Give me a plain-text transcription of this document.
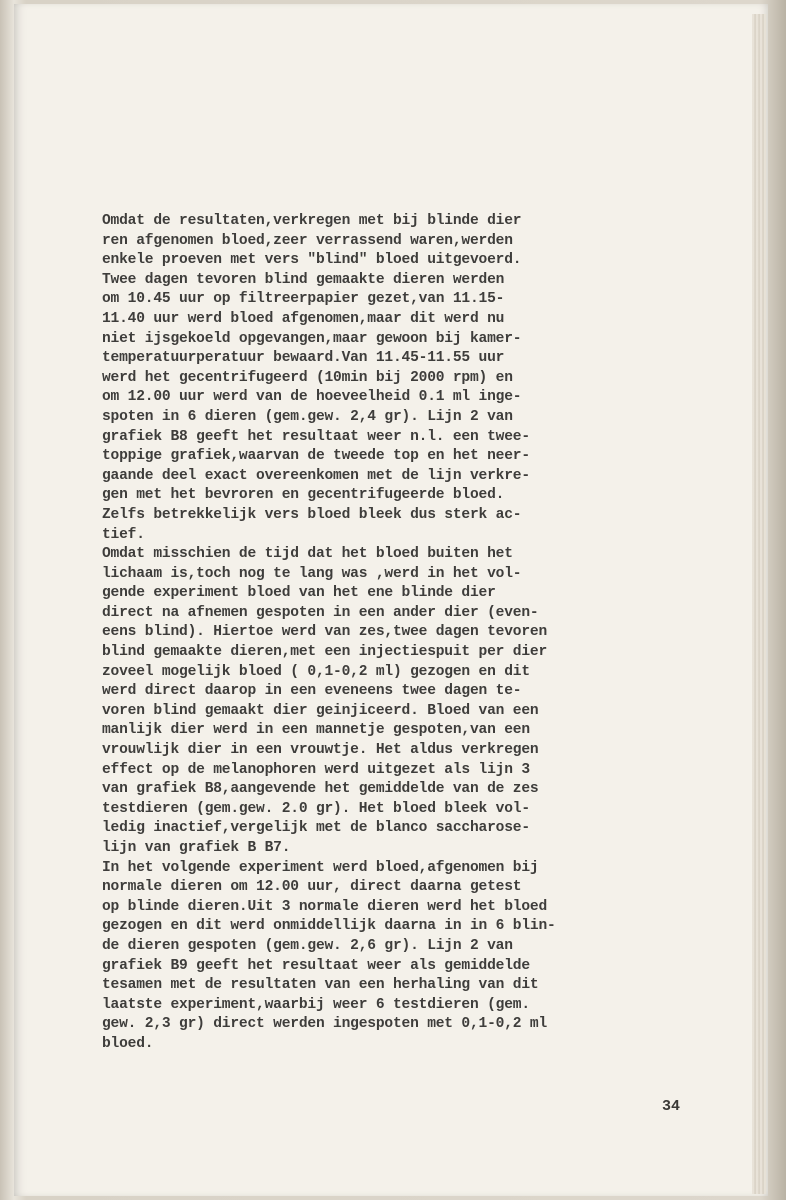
Omdat de resultaten,verkregen met bij blinde dier
ren afgenomen bloed,zeer verrassend waren,werden
enkele proeven met vers "blind" bloed uitgevoerd.
Twee dagen tevoren blind gemaakte dieren werden
om 10.45 uur op filtreerpapier gezet,van 11.15-
11.40 uur werd bloed afgenomen,maar dit werd nu
niet ijsgekoeld opgevangen,maar gewoon bij kamer-
temperatuurperatuur bewaard.Van 11.45-11.55 uur
werd het gecentrifugeerd (10min bij 2000 rpm) en
om 12.00 uur werd van de hoeveelheid 0.1 ml inge-
spoten in 6 dieren (gem.gew. 2,4 gr). Lijn 2 van
grafiek B8 geeft het resultaat weer n.l. een twee-
toppige grafiek,waarvan de tweede top en het neer-
gaande deel exact overeenkomen met de lijn verkre-
gen met het bevroren en gecentrifugeerde bloed.
Zelfs betrekkelijk vers bloed bleek dus sterk ac-
tief.
Omdat misschien de tijd dat het bloed buiten het
lichaam is,toch nog te lang was ,werd in het vol-
gende experiment bloed van het ene blinde dier
direct na afnemen gespoten in een ander dier (even-
eens blind). Hiertoe werd van zes,twee dagen tevoren
blind gemaakte dieren,met een injectiespuit per dier
zoveel mogelijk bloed ( 0,1-0,2 ml) gezogen en dit
werd direct daarop in een eveneens twee dagen te-
voren blind gemaakt dier geinjiceerd. Bloed van een
manlijk dier werd in een mannetje gespoten,van een
vrouwlijk dier in een vrouwtje. Het aldus verkregen
effect op de melanophoren werd uitgezet als lijn 3
van grafiek B8,aangevende het gemiddelde van de zes
testdieren (gem.gew. 2.0 gr). Het bloed bleek vol-
ledig inactief,vergelijk met de blanco saccharose-
lijn van grafiek B B7.
In het volgende experiment werd bloed,afgenomen bij
normale dieren om 12.00 uur, direct daarna getest
op blinde dieren.Uit 3 normale dieren werd het bloed
gezogen en dit werd onmiddellijk daarna in in 6 blin-
de dieren gespoten (gem.gew. 2,6 gr). Lijn 2 van
grafiek B9 geeft het resultaat weer als gemiddelde
tesamen met de resultaten van een herhaling van dit
laatste experiment,waarbij weer 6 testdieren (gem.
gew. 2,3 gr) direct werden ingespoten met 0,1-0,2 ml
bloed.
34
